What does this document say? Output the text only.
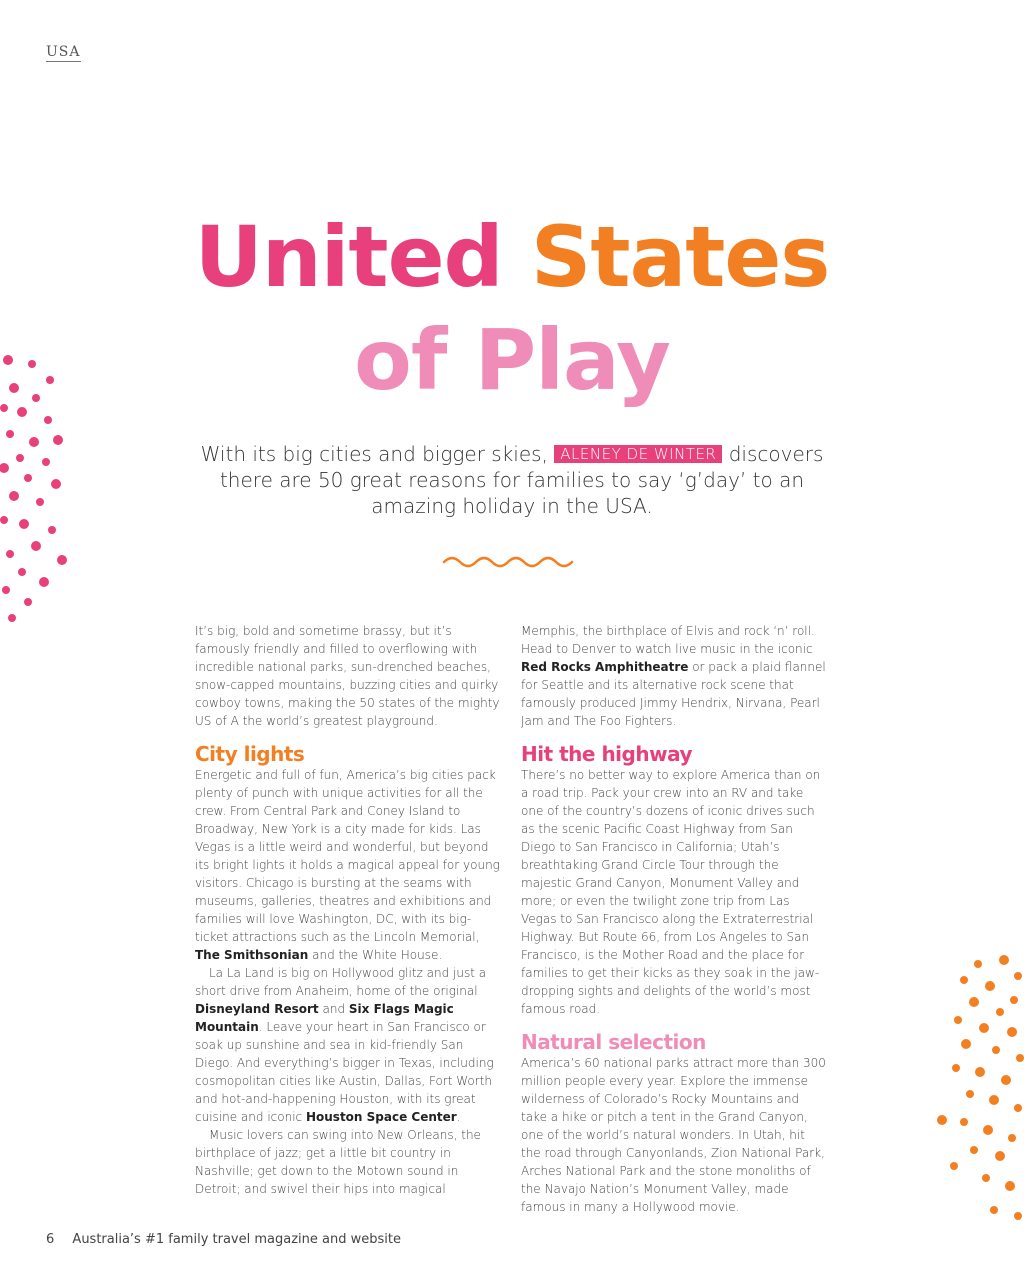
USA
United States
of Play
With its big cities and bigger skies, ALENEY DE WINTER discovers there are 50 great reasons for families to say ‘g’day’ to an amazing holiday in the USA.

It’s big, bold and sometime brassy, but it’s famously friendly and filled to overflowing with incredible national parks, sun-drenched beaches, snow-capped mountains, buzzing cities and quirky cowboy towns, making the 50 states of the mighty US of A the world’s greatest playground.

City lights

Energetic and full of fun, America’s big cities pack plenty of punch with unique activities for all the crew. From Central Park and Coney Island to Broadway, New York is a city made for kids. Las Vegas is a little weird and wonderful, but beyond its bright lights it holds a magical appeal for young visitors. Chicago is bursting at the seams with museums, galleries, theatres and exhibitions and families will love Washington, DC, with its big-ticket attractions such as the Lincoln Memorial, The Smithsonian and the White House.

La La Land is big on Hollywood glitz and just a short drive from Anaheim, home of the original Disneyland Resort and Six Flags Magic Mountain. Leave your heart in San Francisco or soak up sunshine and sea in kid-friendly San Diego. And everything’s bigger in Texas, including cosmopolitan cities like Austin, Dallas, Fort Worth and hot-and-happening Houston, with its great cuisine and iconic Houston Space Center.

Music lovers can swing into New Orleans, the birthplace of jazz; get a little bit country in Nashville; get down to the Motown sound in Detroit; and swivel their hips into magical

Memphis, the birthplace of Elvis and rock ‘n’ roll. Head to Denver to watch live music in the iconic Red Rocks Amphitheatre or pack a plaid flannel for Seattle and its alternative rock scene that famously produced Jimmy Hendrix, Nirvana, Pearl Jam and The Foo Fighters.

Hit the highway

There’s no better way to explore America than on a road trip. Pack your crew into an RV and take one of the country’s dozens of iconic drives such as the scenic Pacific Coast Highway from San Diego to San Francisco in California; Utah’s breathtaking Grand Circle Tour through the majestic Grand Canyon, Monument Valley and more; or even the twilight zone trip from Las Vegas to San Francisco along the Extraterrestrial Highway. But Route 66, from Los Angeles to San Francisco, is the Mother Road and the place for families to get their kicks as they soak in the jaw-dropping sights and delights of the world’s most famous road.

Natural selection

America’s 60 national parks attract more than 300 million people every year. Explore the immense wilderness of Colorado’s Rocky Mountains and take a hike or pitch a tent in the Grand Canyon, one of the world’s natural wonders. In Utah, hit the road through Canyonlands, Zion National Park, Arches National Park and the stone monoliths of the Navajo Nation’s Monument Valley, made famous in many a Hollywood movie.

6 Australia’s #1 family travel magazine and website
